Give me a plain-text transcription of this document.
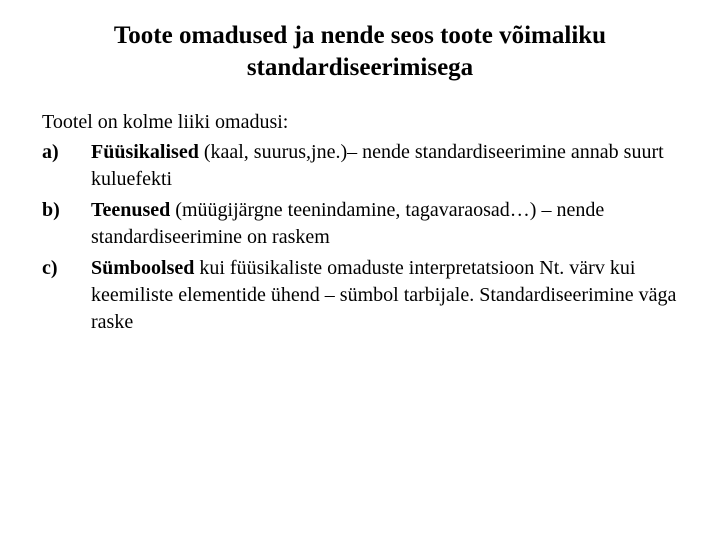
Toote omadused ja nende seos toote võimaliku standardiseerimisega

Tootel on kolme liiki omadusi:

a)	Füüsikalised (kaal, suurus,jne.)– nende standardiseerimine annab suurt kuluefekti
b)	Teenused (müügijärgne teenindamine, tagavaraosad…) – nende standardiseerimine on raskem
c)	Sümboolsed kui füüsikaliste omaduste interpretatsioon Nt. värv kui keemiliste elementide ühend – sümbol tarbijale. Standardiseerimine väga raske
